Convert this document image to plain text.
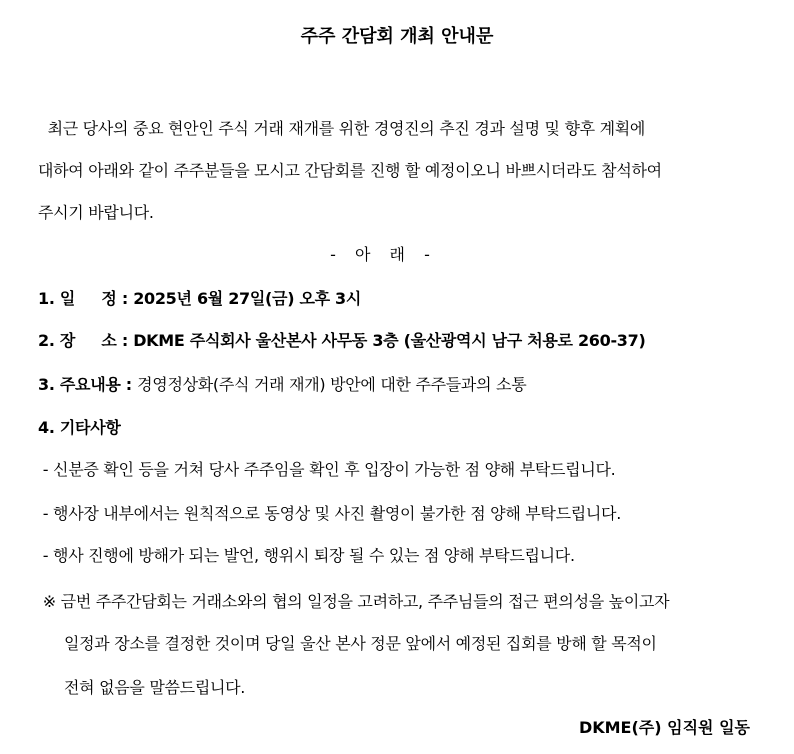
주주 간담회 개최 안내문
최근 당사의 중요 현안인 주식 거래 재개를 위한 경영진의 추진 경과 설명 및 향후 계획에
대하여 아래와 같이 주주분들을 모시고 간담회를 진행 할 예정이오니 바쁘시더라도 참석하여
주시기 바랍니다.
- 아 래 -
1. 일     정 : 2025년 6월 27일(금) 오후 3시
2. 장     소 : DKME 주식회사 울산본사 사무동 3층 (울산광역시 남구 처용로 260-37)
3. 주요내용 : 경영정상화(주식 거래 재개) 방안에 대한 주주들과의 소통
4. 기타사항
- 신분증 확인 등을 거쳐 당사 주주임을 확인 후 입장이 가능한 점 양해 부탁드립니다.
- 행사장 내부에서는 원칙적으로 동영상 및 사진 촬영이 불가한 점 양해 부탁드립니다.
- 행사 진행에 방해가 되는 발언, 행위시 퇴장 될 수 있는 점 양해 부탁드립니다.
※ 금번 주주간담회는 거래소와의 협의 일정을 고려하고, 주주님들의 접근 편의성을 높이고자
일정과 장소를 결정한 것이며 당일 울산 본사 정문 앞에서 예정된 집회를 방해 할 목적이
전혀 없음을 말씀드립니다.
DKME(주) 임직원 일동
